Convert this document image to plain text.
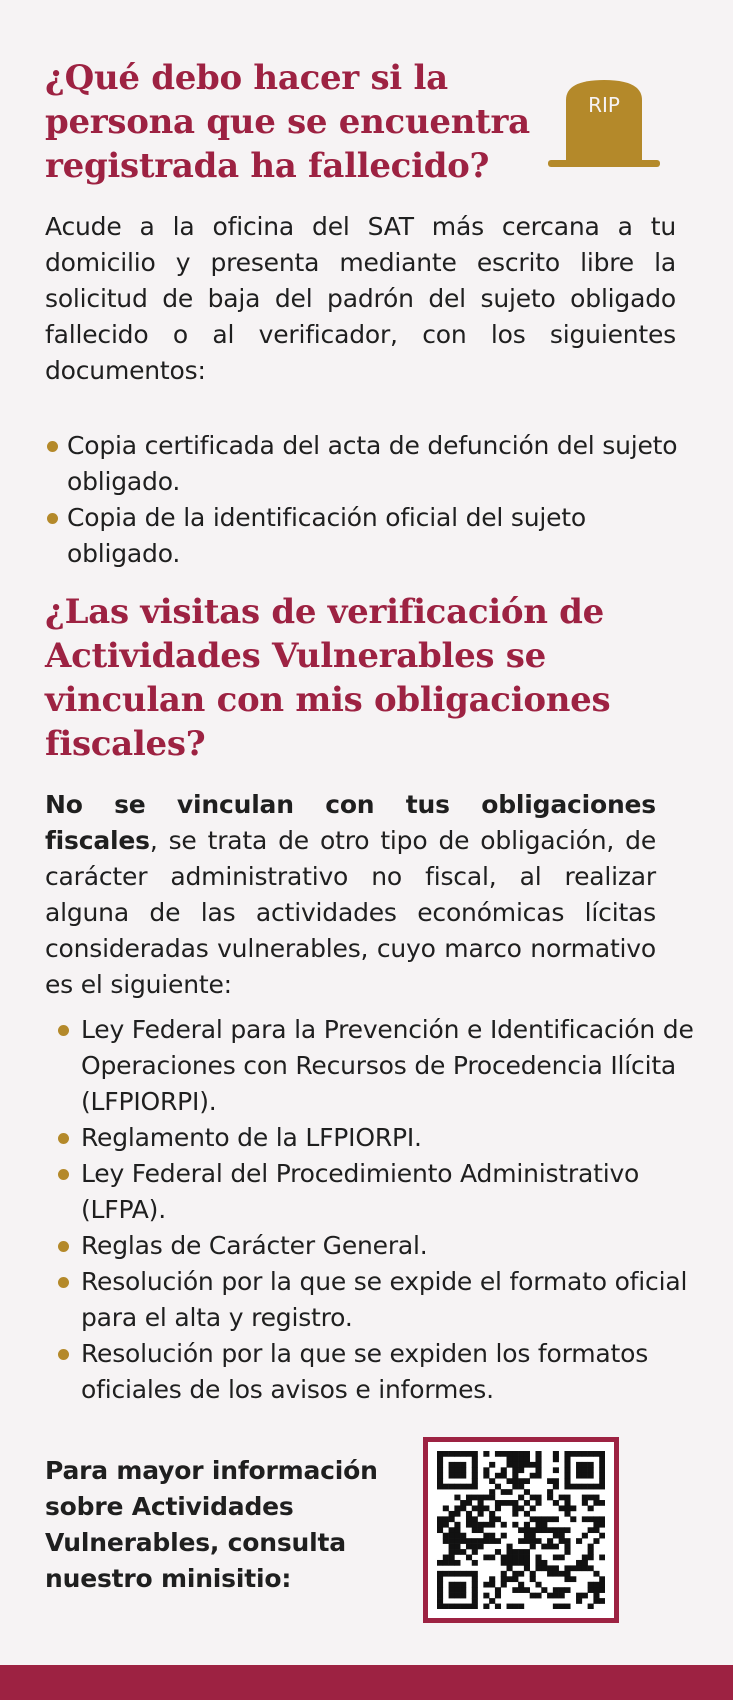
¿Qué debo hacer si la persona que se encuentra registrada ha fallecido?
RIP

Acude a la oficina del SAT más cercana a tu domicilio y presenta mediante escrito libre la solicitud de baja del padrón del sujeto obligado fallecido o al verificador, con los siguientes documentos:

Copia certificada del acta de defunción del sujeto obligado.
Copia de la identificación oficial del sujeto obligado.
¿Las visitas de verificación de Actividades Vulnerables se vinculan con mis obligaciones fiscales?

No se vinculan con tus obligaciones fiscales, se trata de otro tipo de obligación, de carácter administrativo no fiscal, al realizar alguna de las actividades económicas lícitas consideradas vulnerables, cuyo marco normativo es el siguiente:

Ley Federal para la Prevención e Identificación de Operaciones con Recursos de Procedencia Ilícita (LFPIORPI).
Reglamento de la LFPIORPI.
Ley Federal del Procedimiento Administrativo (LFPA).
Reglas de Carácter General.
Resolución por la que se expide el formato oficial para el alta y registro.
Resolución por la que se expiden los formatos oficiales de los avisos e informes.

Para mayor información sobre Actividades Vulnerables, consulta nuestro minisitio:
